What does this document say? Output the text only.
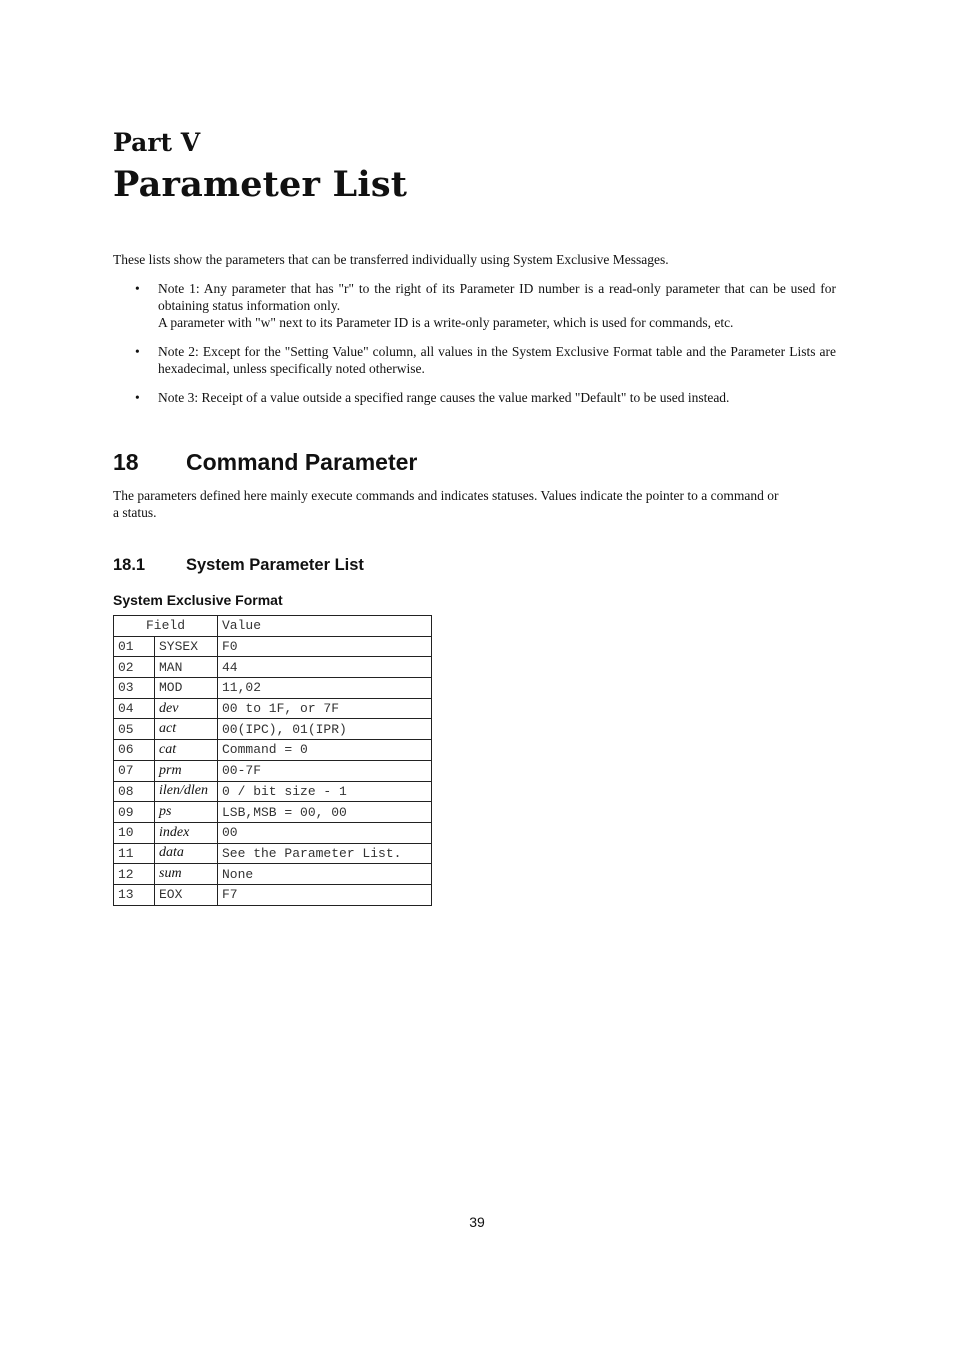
Part V
Parameter List

These lists show the parameters that can be transferred individually using System Exclusive Messages.

• Note 1: Any parameter that has "r" to the right of its Parameter ID number is a read-only parameter that can be used for obtaining status information only.
A parameter with "w" next to its Parameter ID is a write-only parameter, which is used for commands, etc.
• Note 2: Except for the "Setting Value" column, all values in the System Exclusive Format table and the Parameter Lists are hexadecimal, unless specifically noted otherwise.
• Note 3: Receipt of a value outside a specified range causes the value marked "Default" to be used instead.
18 Command Parameter

The parameters defined here mainly execute commands and indicates statuses. Values indicate the pointer to a command or a status.

18.1 System Parameter List
System Exclusive Format
Field		Value
01	SYSEX	F0
02	MAN	44
03	MOD	11,02
04	dev	00 to 1F, or 7F
05	act	00(IPC), 01(IPR)
06	cat	Command = 0
07	prm	00-7F
08	ilen/dlen	0 / bit size - 1
09	ps	LSB,MSB = 00, 00
10	index	00
11	data	See the Parameter List.
12	sum	None
13	EOX	F7

39
